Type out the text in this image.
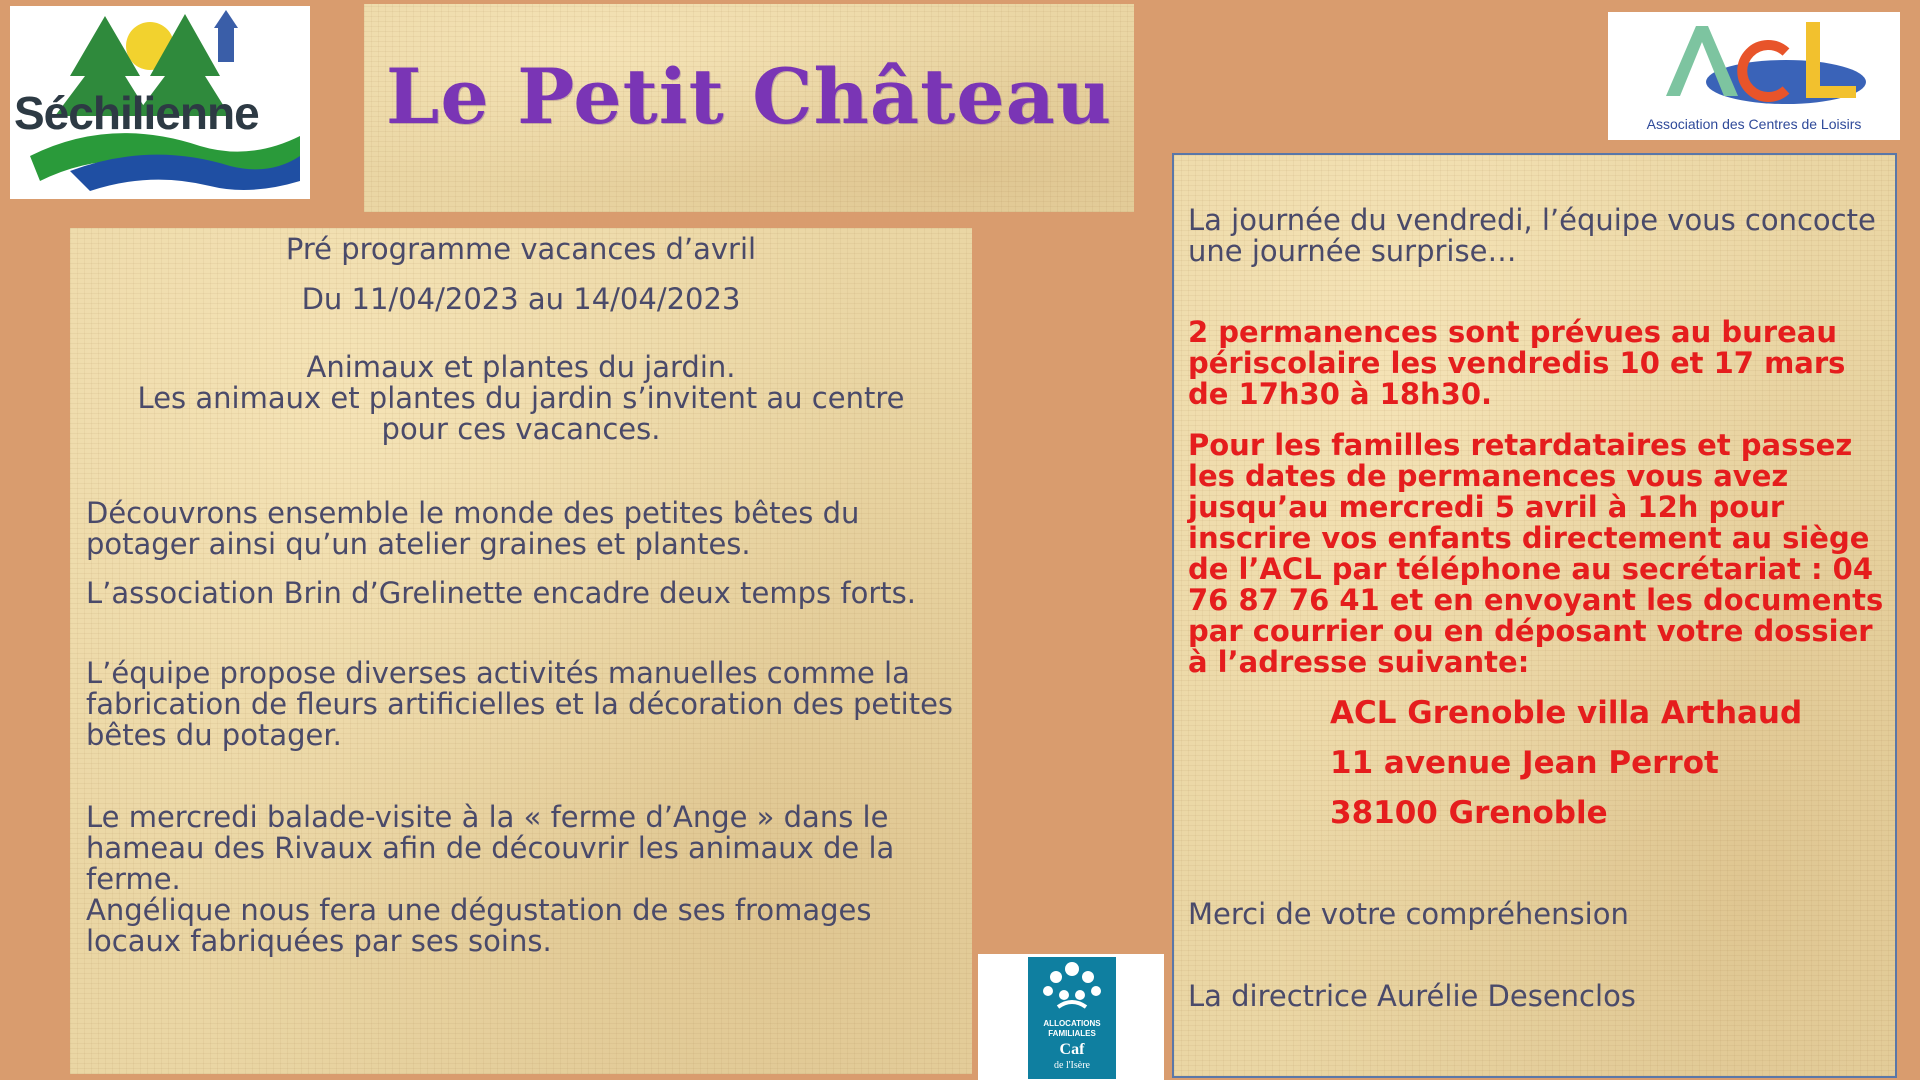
Séchilienne	Le Petit Château	Association des Centres de Loisirs
Pré programme vacances d’avril
Du 11/04/2023 au 14/04/2023
Animaux et plantes du jardin.
Les animaux et plantes du jardin s’invitent au centre
pour ces vacances.

Découvrons ensemble le monde des petites bêtes du potager ainsi qu’un atelier graines et plantes.

L’association Brin d’Grelinette encadre deux temps forts.

L’équipe propose diverses activités manuelles comme la fabrication de fleurs artificielles et la décoration des petites bêtes du potager.

Le mercredi balade-visite à la « ferme d’Ange » dans le hameau des Rivaux afin de découvrir les animaux de la ferme.

Angélique nous fera une dégustation de ses fromages locaux fabriquées par ses soins.

ALLOCATIONS
FAMILIALES
Caf
de l'Isère

La journée du vendredi, l’équipe vous concocte une journée surprise…

2 permanences sont prévues au bureau périscolaire les vendredis 10 et 17 mars de 17h30 à 18h30.

Pour les familles retardataires et passez les dates de permanences vous avez jusqu’au mercredi 5 avril à 12h pour inscrire vos enfants directement au siège de l’ACL par téléphone au secrétariat : 04 76 87 76 41 et en envoyant les documents par courrier ou en déposant votre dossier à l’adresse suivante:

ACL Grenoble villa Arthaud
11 avenue Jean Perrot
38100 Grenoble

Merci de votre compréhension

La directrice Aurélie Desenclos
